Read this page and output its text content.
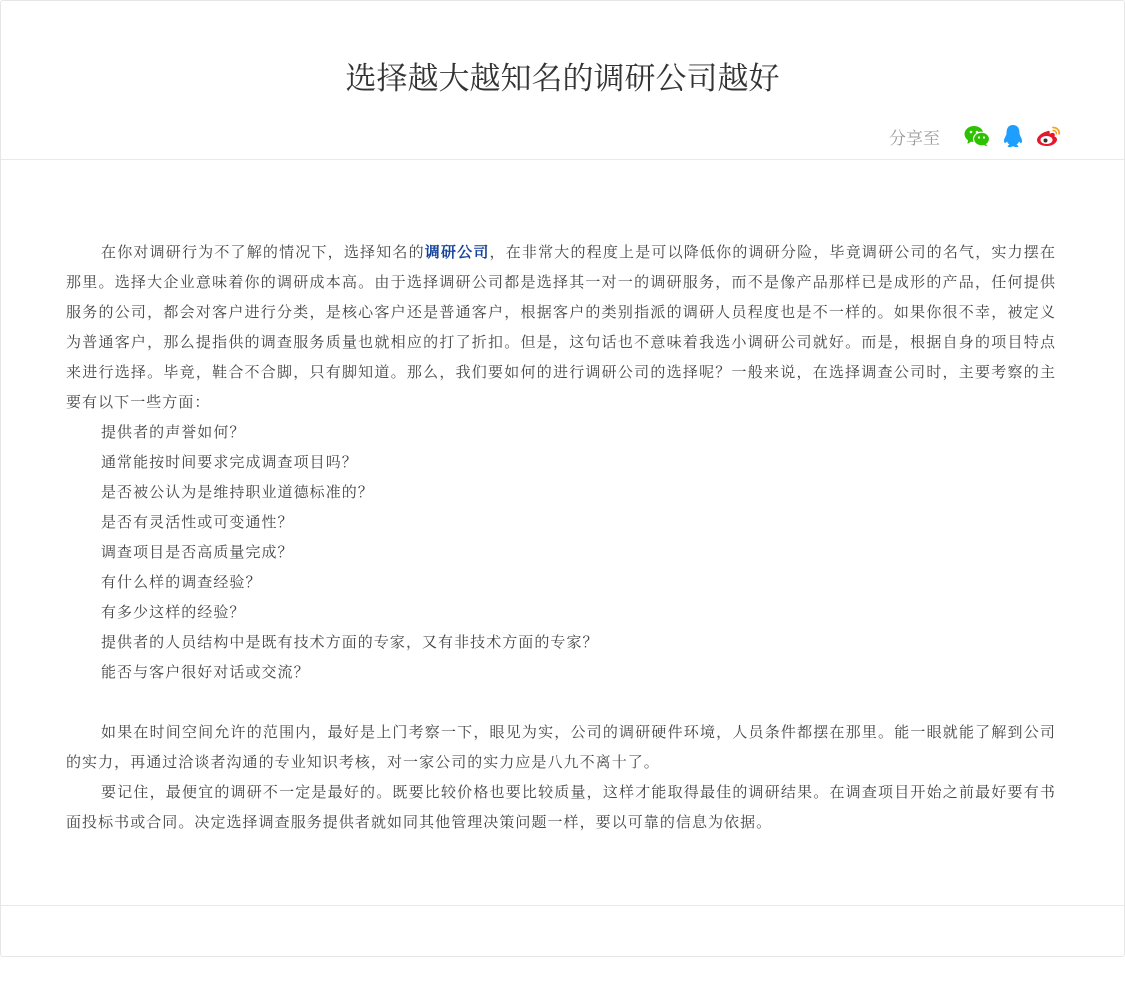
选择越大越知名的调研公司越好
分享至

在你对调研行为不了解的情况下，选择知名的调研公司，在非常大的程度上是可以降低你的调研分险，毕竟调研公司的名气，实力摆在那里。选择大企业意味着你的调研成本高。由于选择调研公司都是选择其一对一的调研服务，而不是像产品那样已是成形的产品，任何提供服务的公司，都会对客户进行分类，是核心客户还是普通客户，根据客户的类别指派的调研人员程度也是不一样的。如果你很不幸，被定义为普通客户，那么提指供的调查服务质量也就相应的打了折扣。但是，这句话也不意味着我选小调研公司就好。而是，根据自身的项目特点来进行选择。毕竟，鞋合不合脚，只有脚知道。那么，我们要如何的进行调研公司的选择呢？一般来说，在选择调查公司时，主要考察的主要有以下一些方面：

提供者的声誉如何？

通常能按时间要求完成调查项目吗？

是否被公认为是维持职业道德标准的？

是否有灵活性或可变通性？

调查项目是否高质量完成？

有什么样的调查经验？

有多少这样的经验？

提供者的人员结构中是既有技术方面的专家，又有非技术方面的专家？

能否与客户很好对话或交流？

如果在时间空间允许的范围内，最好是上门考察一下，眼见为实，公司的调研硬件环境，人员条件都摆在那里。能一眼就能了解到公司的实力，再通过洽谈者沟通的专业知识考核，对一家公司的实力应是八九不离十了。

要记住，最便宜的调研不一定是最好的。既要比较价格也要比较质量，这样才能取得最佳的调研结果。在调查项目开始之前最好要有书面投标书或合同。决定选择调查服务提供者就如同其他管理决策问题一样，要以可靠的信息为依据。
